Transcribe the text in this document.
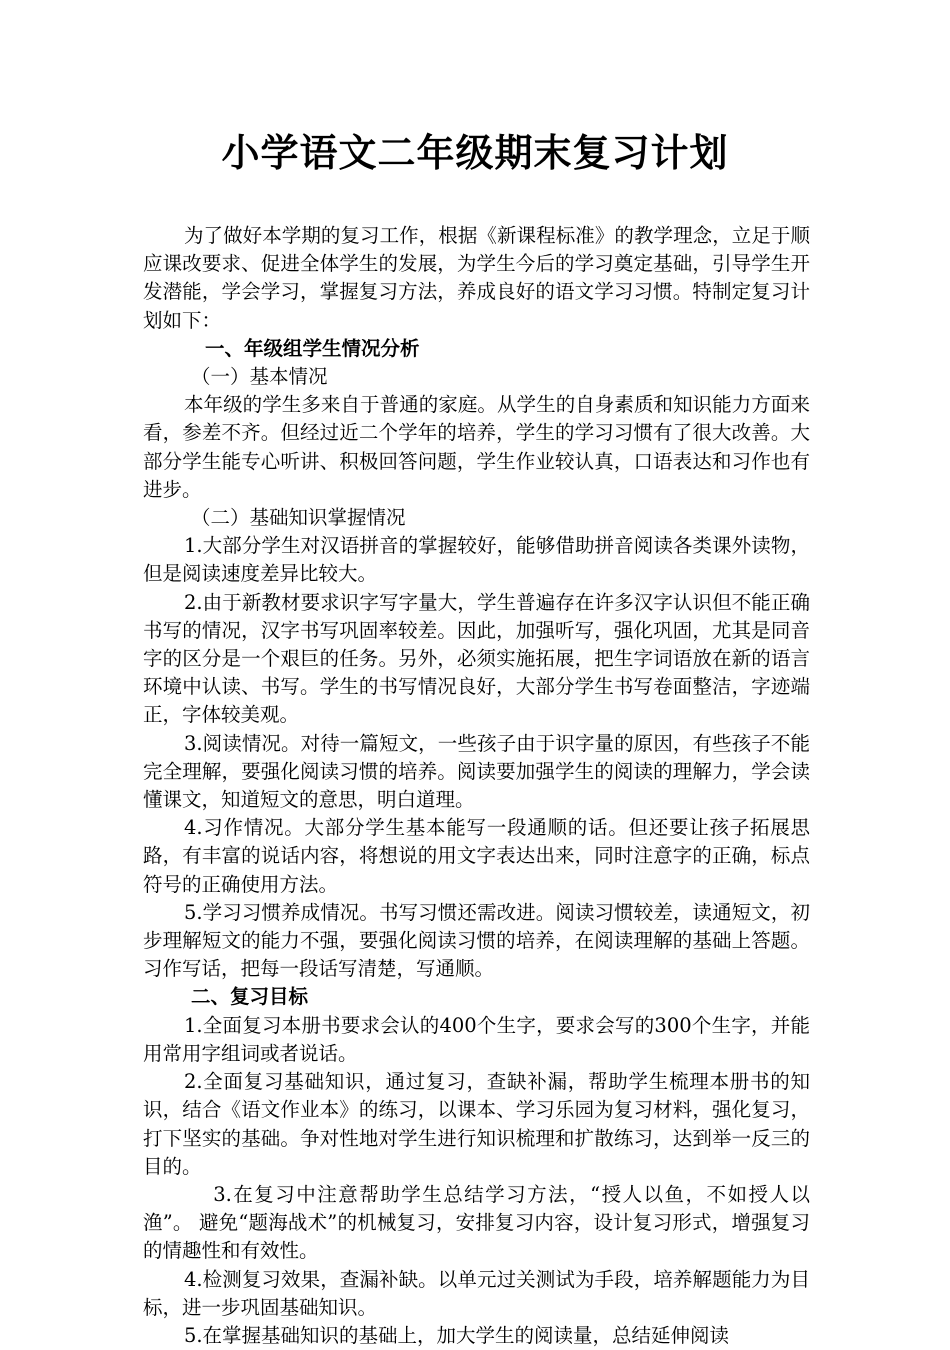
小学语文二年级期末复习计划

为了做好本学期的复习工作，根据《新课程标准》的教学理念，立足于顺应课改要求、促进全体学生的发展，为学生今后的学习奠定基础，引导学生开发潜能，学会学习，掌握复习方法，养成良好的语文学习习惯。特制定复习计划如下：

一、年级组学生情况分析

（一）基本情况

本年级的学生多来自于普通的家庭。从学生的自身素质和知识能力方面来看，参差不齐。但经过近二个学年的培养，学生的学习习惯有了很大改善。大部分学生能专心听讲、积极回答问题，学生作业较认真，口语表达和习作也有进步。

（二）基础知识掌握情况

1.大部分学生对汉语拼音的掌握较好，能够借助拼音阅读各类课外读物，但是阅读速度差异比较大。

2.由于新教材要求识字写字量大，学生普遍存在许多汉字认识但不能正确书写的情况，汉字书写巩固率较差。因此，加强听写，强化巩固，尤其是同音字的区分是一个艰巨的任务。另外，必须实施拓展，把生字词语放在新的语言环境中认读、书写。学生的书写情况良好，大部分学生书写卷面整洁，字迹端正，字体较美观。

3.阅读情况。对待一篇短文，一些孩子由于识字量的原因，有些孩子不能完全理解，要强化阅读习惯的培养。阅读要加强学生的阅读的理解力，学会读懂课文，知道短文的意思，明白道理。

4.习作情况。大部分学生基本能写一段通顺的话。但还要让孩子拓展思路，有丰富的说话内容，将想说的用文字表达出来，同时注意字的正确，标点符号的正确使用方法。

5.学习习惯养成情况。书写习惯还需改进。阅读习惯较差，读通短文，初步理解短文的能力不强，要强化阅读习惯的培养，在阅读理解的基础上答题。习作写话，把每一段话写清楚，写通顺。

二、复习目标

1.全面复习本册书要求会认的400个生字，要求会写的300个生字，并能用常用字组词或者说话。

2.全面复习基础知识，通过复习，查缺补漏，帮助学生梳理本册书的知识，结合《语文作业本》的练习，以课本、学习乐园为复习材料，强化复习，打下坚实的基础。争对性地对学生进行知识梳理和扩散练习，达到举一反三的目的。

3.在复习中注意帮助学生总结学习方法，“授人以鱼，不如授人以渔”。 避免“题海战术”的机械复习，安排复习内容，设计复习形式，增强复习的情趣性和有效性。

4.检测复习效果，查漏补缺。以单元过关测试为手段，培养解题能力为目标，进一步巩固基础知识。

5.在掌握基础知识的基础上，加大学生的阅读量，总结延伸阅读
